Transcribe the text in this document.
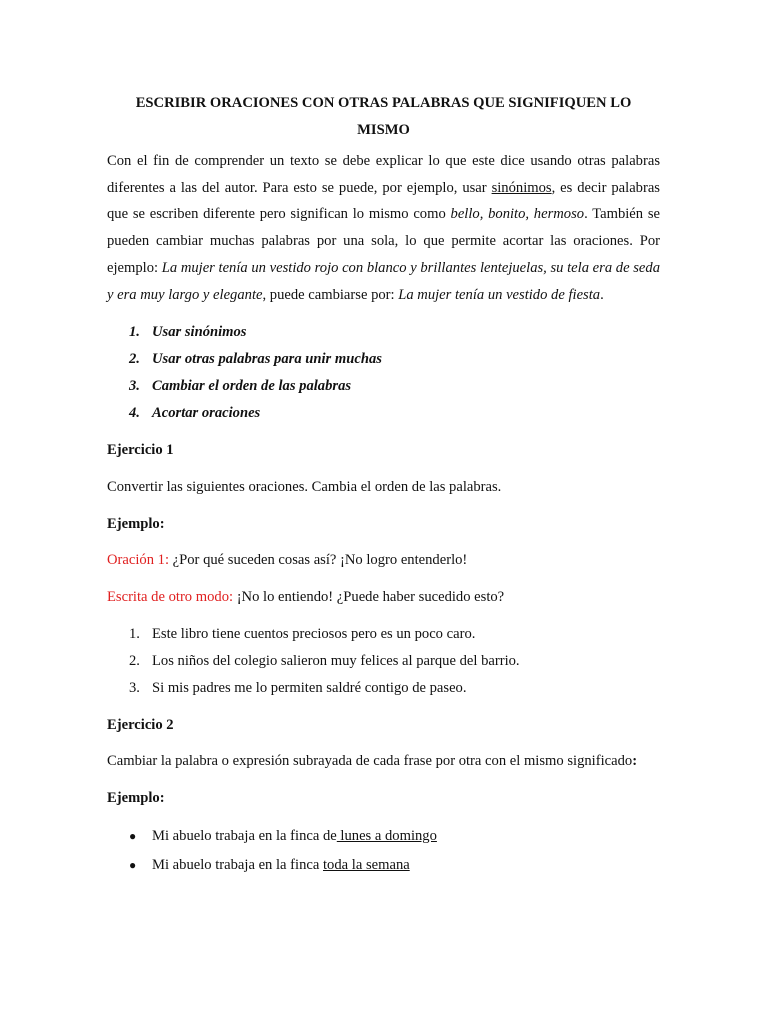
ESCRIBIR ORACIONES CON OTRAS PALABRAS QUE SIGNIFIQUEN LO
MISMO

Con el fin de comprender un texto se debe explicar lo que este dice usando otras palabras diferentes a las del autor. Para esto se puede, por ejemplo, usar sinónimos, es decir palabras que se escriben diferente pero significan lo mismo como bello, bonito, hermoso. También se pueden cambiar muchas palabras por una sola, lo que permite acortar las oraciones. Por ejemplo: La mujer tenía un vestido rojo con blanco y brillantes lentejuelas, su tela era de seda y era muy largo y elegante, puede cambiarse por: La mujer tenía un vestido de fiesta.

1. Usar sinónimos
2. Usar otras palabras para unir muchas
3. Cambiar el orden de las palabras
4. Acortar oraciones

Ejercicio 1

Convertir las siguientes oraciones. Cambia el orden de las palabras.

Ejemplo:

Oración 1: ¿Por qué suceden cosas así? ¡No logro entenderlo!

Escrita de otro modo: ¡No lo entiendo! ¿Puede haber sucedido esto?

1. Este libro tiene cuentos preciosos pero es un poco caro.
2. Los niños del colegio salieron muy felices al parque del barrio.
3. Si mis padres me lo permiten saldré contigo de paseo.

Ejercicio 2

Cambiar la palabra o expresión subrayada de cada frase por otra con el mismo significado:

Ejemplo:

●	Mi abuelo trabaja en la finca de lunes a domingo
●	Mi abuelo trabaja en la finca toda la semana
